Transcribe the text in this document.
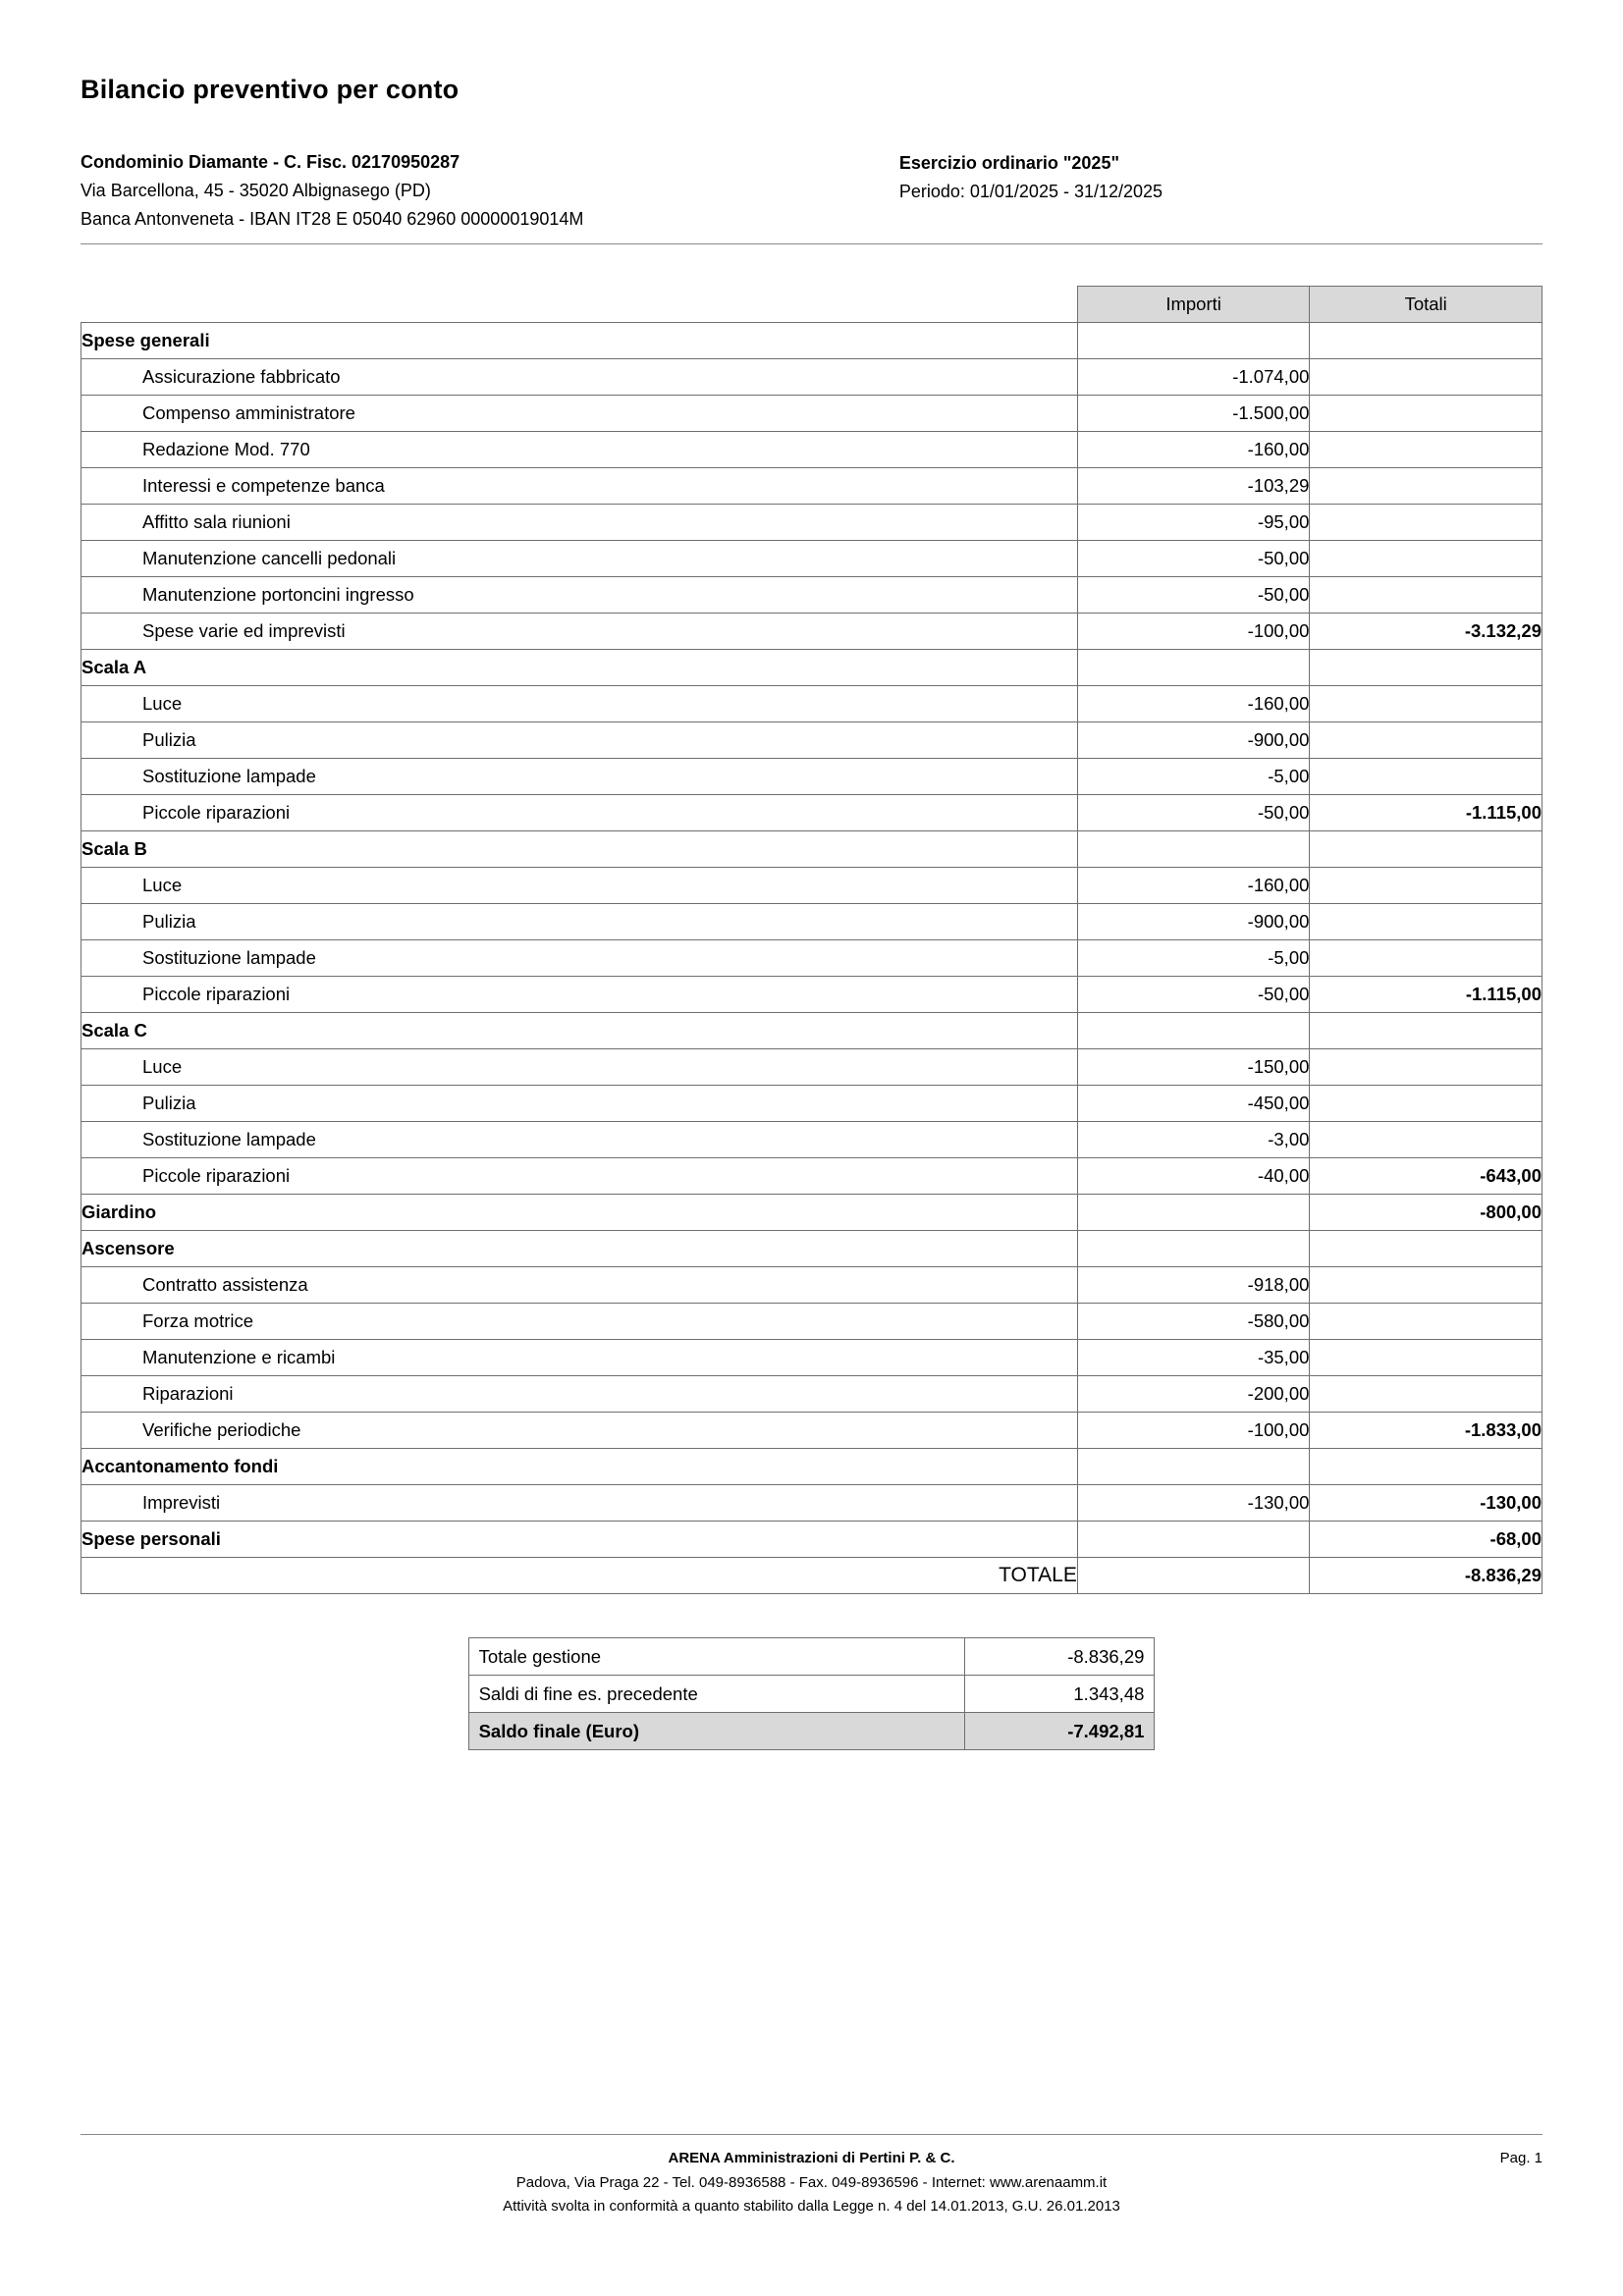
Bilancio preventivo per conto
Condominio Diamante - C. Fisc. 02170950287
Via Barcellona, 45 - 35020 Albignasego (PD)
Banca Antonveneta - IBAN IT28 E 05040 62960 00000019014M
Esercizio ordinario "2025"
Periodo: 01/01/2025 - 31/12/2025
	Importi	Totali
Spese generali		
Assicurazione fabbricato	-1.074,00	
Compenso amministratore	-1.500,00	
Redazione Mod. 770	-160,00	
Interessi e competenze banca	-103,29	
Affitto sala riunioni	-95,00	
Manutenzione cancelli pedonali	-50,00	
Manutenzione portoncini ingresso	-50,00	
Spese varie ed imprevisti	-100,00	-3.132,29
Scala A		
Luce	-160,00	
Pulizia	-900,00	
Sostituzione lampade	-5,00	
Piccole riparazioni	-50,00	-1.115,00
Scala B		
Luce	-160,00	
Pulizia	-900,00	
Sostituzione lampade	-5,00	
Piccole riparazioni	-50,00	-1.115,00
Scala C		
Luce	-150,00	
Pulizia	-450,00	
Sostituzione lampade	-3,00	
Piccole riparazioni	-40,00	-643,00
Giardino		-800,00
Ascensore		
Contratto assistenza	-918,00	
Forza motrice	-580,00	
Manutenzione e ricambi	-35,00	
Riparazioni	-200,00	
Verifiche periodiche	-100,00	-1.833,00
Accantonamento fondi		
Imprevisti	-130,00	-130,00
Spese personali		-68,00
TOTALE		-8.836,29
Totale gestione	-8.836,29
Saldi di fine es. precedente	1.343,48
Saldo finale (Euro)	-7.492,81
ARENA Amministrazioni di Pertini P. & C.
Padova, Via Praga 22 - Tel. 049-8936588 - Fax. 049-8936596 - Internet: www.arenaamm.it
Attività svolta in conformità a quanto stabilito dalla Legge n. 4 del 14.01.2013, G.U. 26.01.2013
Pag. 1
